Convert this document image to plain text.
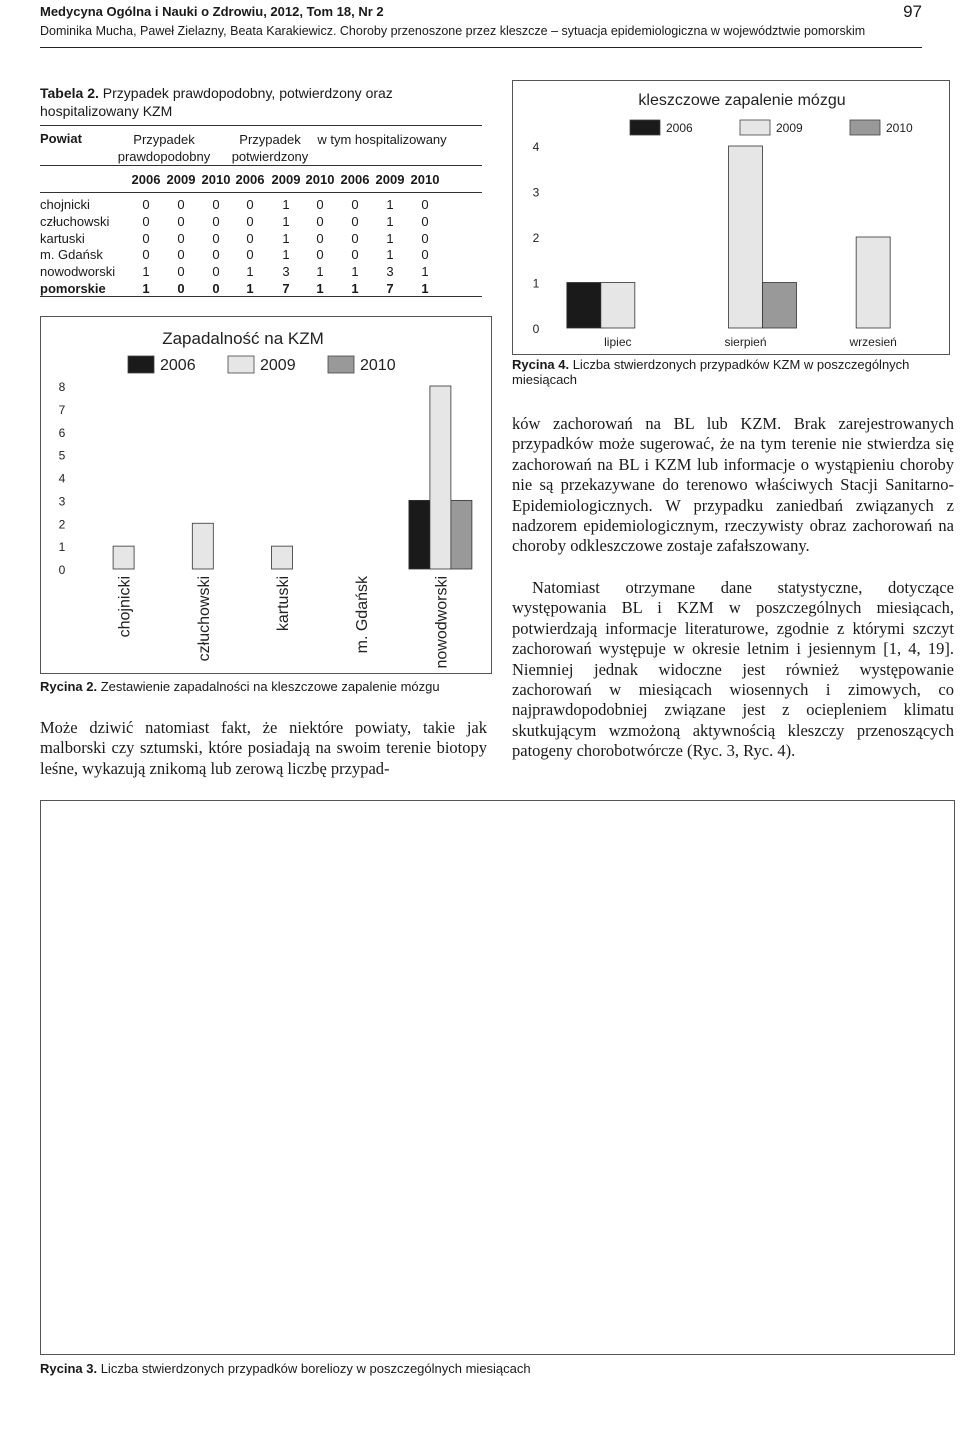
Medycyna Ogólna i Nauki o Zdrowiu, 2012, Tom 18, Nr 2
Dominika Mucha, Paweł Zielazny, Beata Karakiewicz. Choroby przenoszone przez kleszcze – sytuacja epidemiologiczna w województwie pomorskim
97
Tabela 2. Przypadek prawdopodobny, potwierdzony oraz hospitalizowany KZM
Powiat	Przypadek prawdopodobny
Przypadek potwierdzony
w tym hospitalizowany
2006 2009 2010 2006 2009 2010 2006 2009 2010
chojnicki	0	0	0	0	1	0	0	1	0
człuchowski	0	0	0	0	1	0	0	1	0
kartuski	0	0	0	0	1	0	0	1	0
m. Gdańsk	0	0	0	0	1	0	0	1	0
nowodworski	1	0	0	1	3	1	1	3	1
pomorskie	1	0	0	1	7	1	1	7	1
kleszczowe zapalenie mózgu
2006	2009	2010
0
1
2
3
4
lipiec	sierpień	wrzesień
Rycina 4. Liczba stwierdzonych przypadków KZM w poszczególnych miesiącach
Zapadalność na KZM
2006	2009	2010
0
1
2
3
4
5
6
7
8
chojnicki	człuchowski	kartuski	m. Gdańsk	nowodworski
Rycina 2. Zestawienie zapadalności na kleszczowe zapalenie mózgu
Może dziwić natomiast fakt, że niektóre powiaty, takie jak malborski czy sztumski, które posiadają na swoim terenie biotopy leśne, wykazują znikomą lub zerową liczbę przypad-
ków zachorowań na BL lub KZM. Brak zarejestrowanych przypadków może sugerować, że na tym terenie nie stwierdza się zachorowań na BL i KZM lub informacje o wystąpieniu choroby nie są przekazywane do terenowo właściwych Stacji Sanitarno-Epidemiologicznych. W przypadku zaniedbań związanych z nadzorem epidemiologicznym, rzeczywisty obraz zachorowań na choroby odkleszczowe zostaje zafałszowany.
Natomiast otrzymane dane statystyczne, dotyczące występowania BL i KZM w poszczególnych miesiącach, potwierdzają informacje literaturowe, zgodnie z którymi szczyt zachorowań występuje w okresie letnim i jesiennym [1, 4, 19]. Niemniej jednak widoczne jest również występowanie zachorowań w miesiącach wiosennych i zimowych, co najprawdopodobniej związane jest z ociepleniem klimatu skutkującym wzmożoną aktywnością kleszczy przenoszących patogeny chorobotwórcze (Ryc. 3, Ryc. 4).
Rycina 3. Liczba stwierdzonych przypadków boreliozy w poszczególnych miesiącach
